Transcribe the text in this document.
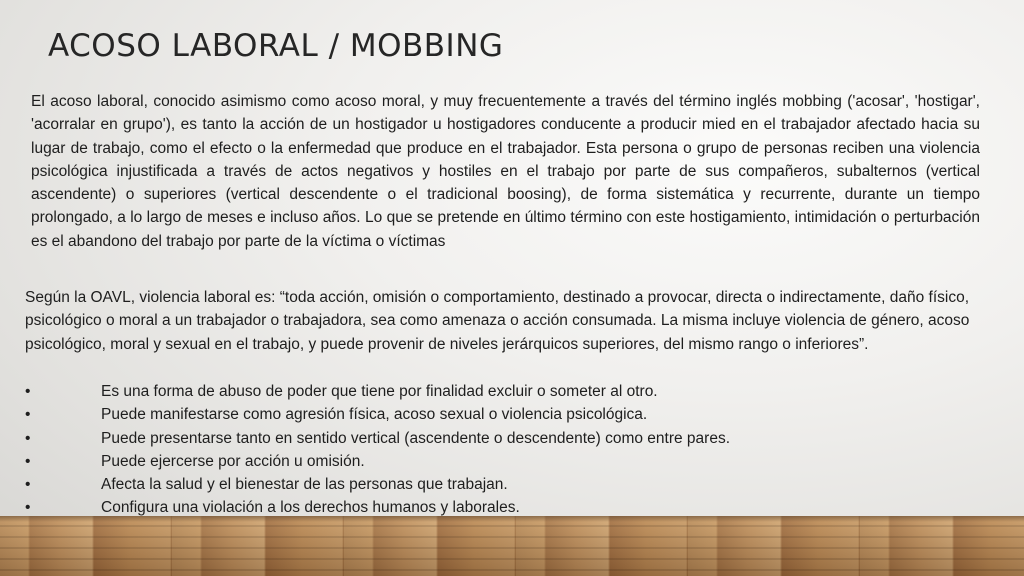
ACOSO LABORAL / MOBBING

El acoso laboral, conocido asimismo como acoso moral, y muy frecuentemente a través del término inglés mobbing ('acosar', 'hostigar', 'acorralar en grupo'), es tanto la acción de un hostigador u hostigadores conducente a producir mied en el trabajador afectado hacia su lugar de trabajo, como el efecto o la enfermedad que produce en el trabajador. Esta persona o grupo de personas reciben una violencia psicológica injustificada a través de actos negativos y hostiles en el trabajo por parte de sus compañeros, subalternos (vertical ascendente) o superiores (vertical descendente o el tradicional boosing), de forma sistemática y recurrente, durante un tiempo prolongado, a lo largo de meses e incluso años. Lo que se pretende en último término con este hostigamiento, intimidación o perturbación es el abandono del trabajo por parte de la víctima o víctimas

Según la OAVL, violencia laboral es: “toda acción, omisión o comportamiento, destinado a provocar, directa o indirectamente, daño físico, psicológico o moral a un trabajador o trabajadora, sea como amenaza o acción consumada. La misma incluye violencia de género, acoso psicológico, moral y sexual en el trabajo, y puede provenir de niveles jerárquicos superiores, del mismo rango o inferiores”.

•	Es una forma de abuso de poder que tiene por finalidad excluir o someter al otro.
•	Puede manifestarse como agresión física, acoso sexual o violencia psicológica.
•	Puede presentarse tanto en sentido vertical (ascendente o descendente) como entre pares.
•	Puede ejercerse por acción u omisión.
•	Afecta la salud y el bienestar de las personas que trabajan.
•	Configura una violación a los derechos humanos y laborales.
